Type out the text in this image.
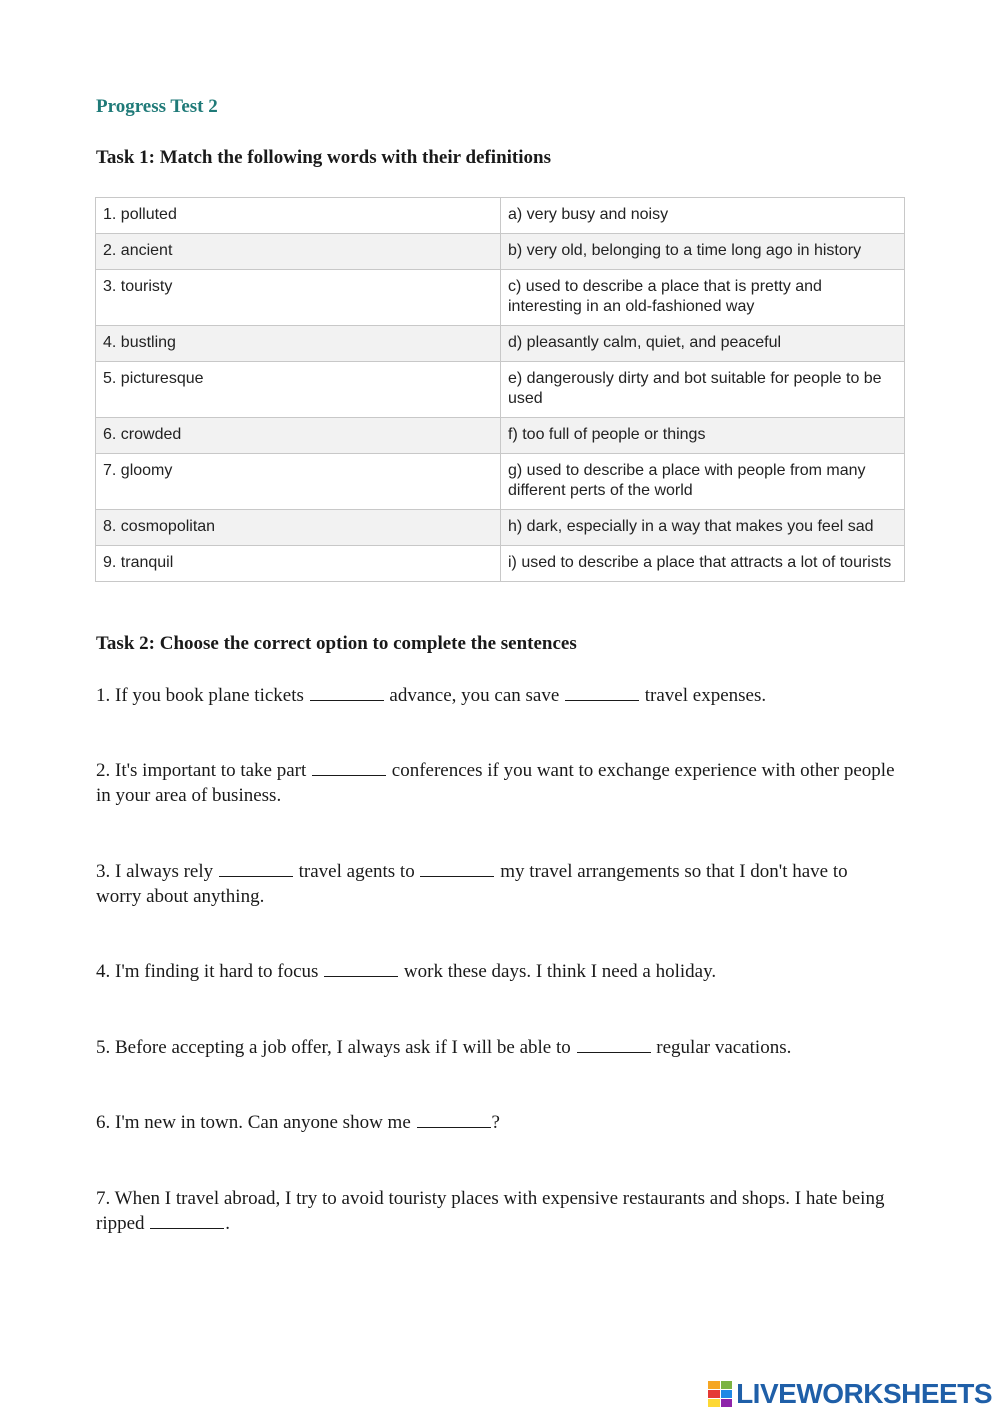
Progress Test 2
Task 1: Match the following words with their definitions
1. polluted	a) very busy and noisy
2. ancient	b) very old, belonging to a time long ago in history
3. touristy	c) used to describe a place that is pretty and interesting in an old-fashioned way
4. bustling	d) pleasantly calm, quiet, and peaceful
5. picturesque	e) dangerously dirty and bot suitable for people to be used
6. crowded	f) too full of people or things
7. gloomy	g) used to describe a place with people from many different perts of the world
8. cosmopolitan	h) dark, especially in a way that makes you feel sad
9. tranquil	i) used to describe a place that attracts a lot of tourists
Task 2: Choose the correct option to complete the sentences
1. If you book plane tickets	advance, you can save	travel expenses.
2. It's important to take part	conferences if you want to exchange experience with other people in your area of business.
3. I always rely	travel agents to	my travel arrangements so that I don't have to worry about anything.
4. I'm finding it hard to focus	work these days. I think I need a holiday.
5. Before accepting a job offer, I always ask if I will be able to	regular vacations.
6. I'm new in town. Can anyone show me	?
7. When I travel abroad, I try to avoid touristy places with expensive restaurants and shops. I hate being ripped	.
LIVEWORKSHEETS
